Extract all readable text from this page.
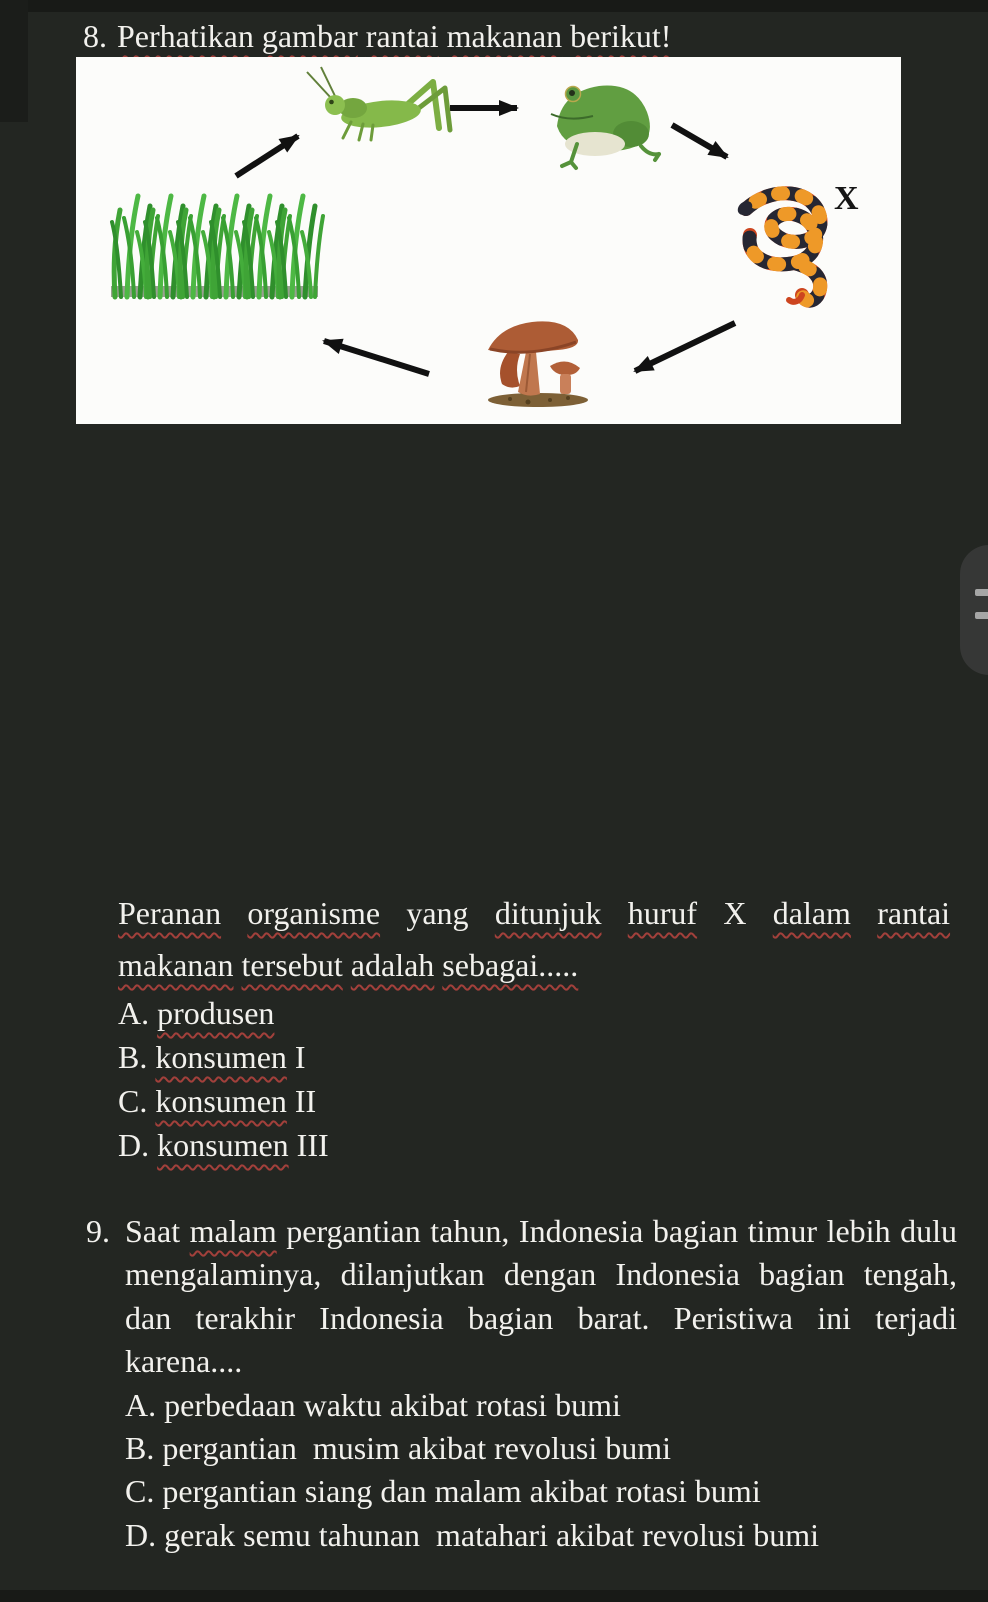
8. Perhatikan gambar rantai makanan berikut!
X
Peranan organisme yang ditunjuk huruf X dalam rantai
makanan tersebut adalah sebagai.....
A. produsen
B. konsumen I
C. konsumen II
D. konsumen III
9. Saat malam pergantian tahun, Indonesia bagian timur lebih dulu
mengalaminya, dilanjutkan dengan Indonesia bagian tengah,
dan terakhir Indonesia bagian barat. Peristiwa ini terjadi
karena....
A. perbedaan waktu akibat rotasi bumi
B. pergantian  musim akibat revolusi bumi
C. pergantian siang dan malam akibat rotasi bumi
D. gerak semu tahunan  matahari akibat revolusi bumi
